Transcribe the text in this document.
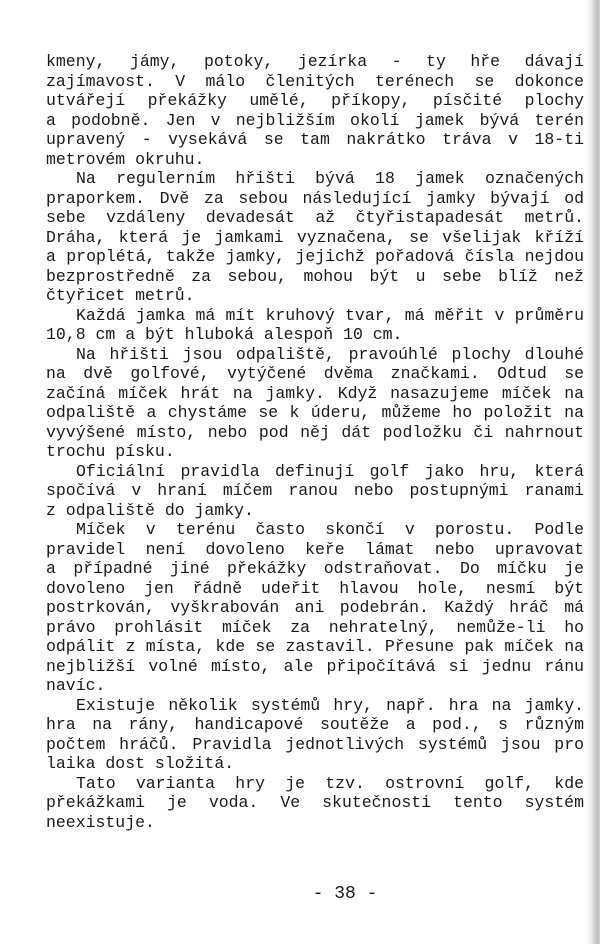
kmeny, jámy, potoky, jezírka - ty hře dávají
zajímavost. V málo členitých terénech se dokonce
utvářejí překážky umělé, příkopy, písčité plochy
a podobně. Jen v nejbližším okolí jamek bývá terén
upravený - vysekává se tam nakrátko tráva v 18-ti
metrovém okruhu.
Na regulerním hřišti bývá 18 jamek označených
praporkem. Dvě za sebou následující jamky bývají od
sebe vzdáleny devadesát až čtyřistapadesát metrů.
Dráha, která je jamkami vyznačena, se všelijak kříží
a proplétá, takže jamky, jejichž pořadová čísla nejdou
bezprostředně za sebou, mohou být u sebe blíž než
čtyřicet metrů.
Každá jamka má mít kruhový tvar, má měřit v průměru
10,8 cm a být hluboká alespoň 10 cm.
Na hřišti jsou odpaliště, pravoúhlé plochy dlouhé
na dvě golfové, vytýčené dvěma značkami. Odtud se
začíná míček hrát na jamky. Když nasazujeme míček na
odpaliště a chystáme se k úderu, můžeme ho položit na
vyvýšené místo, nebo pod něj dát podložku či nahrnout
trochu písku.
Oficiální pravidla definují golf jako hru, která
spočívá v hraní míčem ranou nebo postupnými ranami
z odpaliště do jamky.
Míček v terénu často skončí v porostu. Podle
pravidel není dovoleno keře lámat nebo upravovat
a případné jiné překážky odstraňovat. Do míčku je
dovoleno jen řádně udeřit hlavou hole, nesmí být
postrkován, vyškrabován ani podebrán. Každý hráč má
právo prohlásit míček za nehratelný, nemůže-li ho
odpálit z místa, kde se zastavil. Přesune pak míček na
nejbližší volné místo, ale připočítává si jednu ránu
navíc.
Existuje několik systémů hry, např. hra na jamky.
hra na rány, handicapové soutěže a pod., s různým
počtem hráčů. Pravidla jednotlivých systémů jsou pro
laika dost složitá.
Tato varianta hry je tzv. ostrovní golf, kde
překážkami je voda. Ve skutečnosti tento systém
neexistuje.
- 38 -
